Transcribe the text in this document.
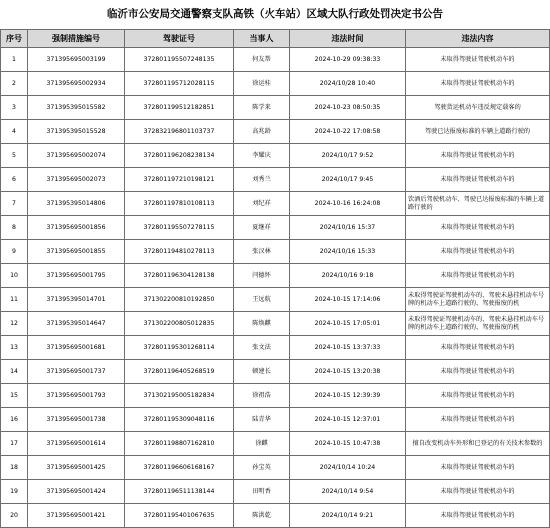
临沂市公安局交通警察支队高铁（火车站）区域大队行政处罚决定书公告
序号	强制措施编号	驾驶证号	当事人	违法时间	违法内容
1	371395695003199	372801195507248135	何友帮	2024-10-29 09:38:33	未取得驾驶证驾驶机动车的
2	371395695002934	372801195712028115	徐运桂	2024/10/28 10:40	未取得驾驶证驾驶机动车的
3	371395395015582	372801199512182851	陈学来	2024-10-23 08:50:35	驾驶货运机动车违反规定载客的
4	371395395015528	372832196801103737	高兆龄	2024-10-22 17:08:58	驾驶已达报废标准的车辆上道路行驶的
5	371395695002074	372801196208238134	李耀庆	2024/10/17 9:52	未取得驾驶证驾驶机动车的
6	371395695002073	372801197210198121	刘秀兰	2024/10/17 9:45	未取得驾驶证驾驶机动车的
7	371395395014806	372801197810108113	刘纪祥	2024-10-16 16:24:08	饮酒后驾驶机动车、驾驶已达报废标准的车辆上道路行驶的
8	371395695001856	372801195507278115	夏继祥	2024/10/16 15:37	未取得驾驶证驾驶机动车的
9	371395695001855	372801194810278113	张汉林	2024/10/16 15:33	未取得驾驶证驾驶机动车的
10	371395695001795	372801196304128138	闫德怀	2024/10/16 9:18	未取得驾驶证驾驶机动车的
11	371395395014701	371302200810192850	王远航	2024-10-15 17:14:06	未取得驾驶证驾驶机动车的、驾驶未悬挂机动车号牌的机动车上道路行驶的、驾驶报废的机
12	371395395014647	371302200805012835	陈焕麒	2024-10-15 17:05:01	未取得驾驶证驾驶机动车的、驾驶未悬挂机动车号牌的机动车上道路行驶的、驾驶报废的机
13	371395695001681	372801195301268114	张文法	2024-10-15 13:37:33	未取得驾驶证驾驶机动车的
14	371395695001737	372801196405268519	顿建长	2024-10-15 13:20:38	未取得驾驶证驾驶机动车的
15	371395695001793	371302195005182834	徐祖浩	2024-10-15 12:39:39	未取得驾驶证驾驶机动车的
16	371395695001738	372801195309048116	陆青华	2024-10-15 12:37:01	未取得驾驶证驾驶机动车的
17	371395695001614	372801198807162810	徐麒	2024-10-15 10:47:38	擅自改变机动车外形和已登记的有关技术参数的
18	371395695001425	372801196606168167	孙宝英	2024/10/14 10:24	未取得驾驶证驾驶机动车的
19	371395695001424	372801196511138144	田明香	2024/10/14 9:54	未取得驾驶证驾驶机动车的
20	371395695001421	372801195401067635	陈洪乾	2024/10/14 9:21	未取得驾驶证驾驶机动车的
